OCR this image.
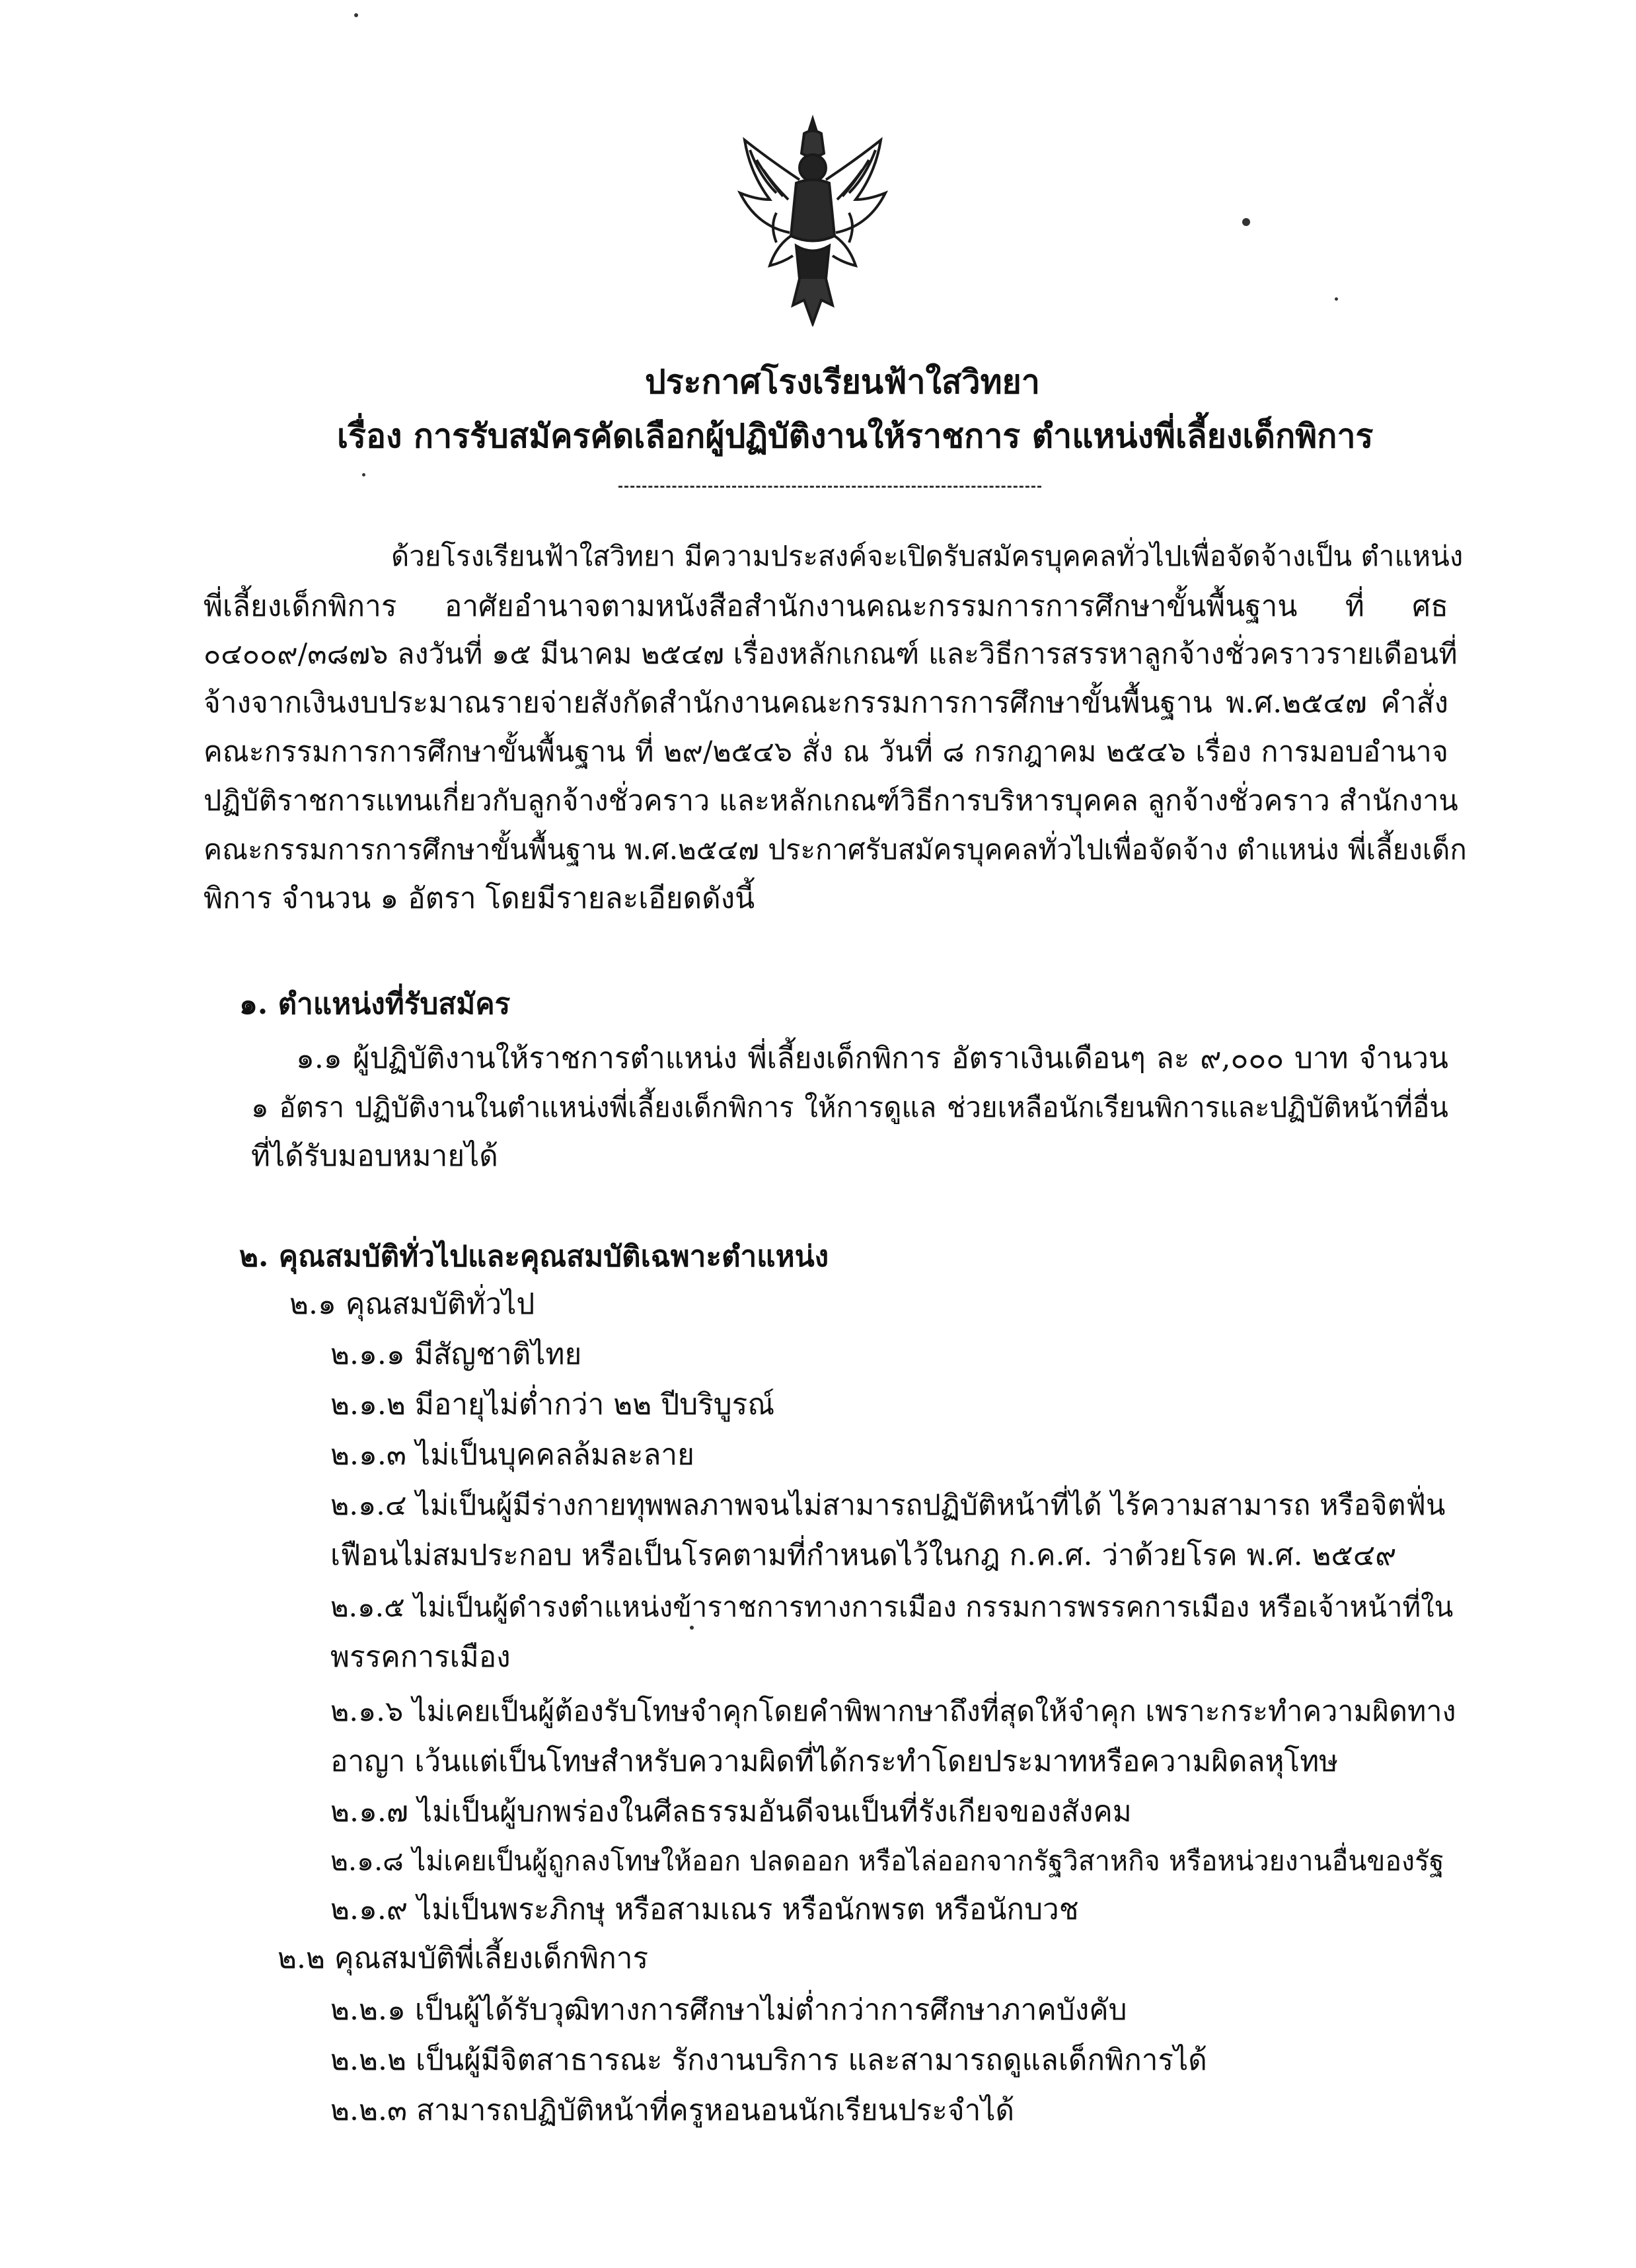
ประกาศโรงเรียนฟ้าใสวิทยา
เรื่อง การรับสมัครคัดเลือกผู้ปฏิบัติงานให้ราชการ ตำแหน่งพี่เลี้ยงเด็กพิการ
ด้วยโรงเรียนฟ้าใสวิทยา มีความประสงค์จะเปิดรับสมัครบุคคลทั่วไปเพื่อจัดจ้างเป็น ตำแหน่ง
พี่เลี้ยงเด็กพิการ อาศัยอำนาจตามหนังสือสำนักงานคณะกรรมการการศึกษาขั้นพื้นฐาน ที่ ศธ
๐๔๐๐๙/๓๘๗๖ ลงวันที่ ๑๕ มีนาคม ๒๕๔๗ เรื่องหลักเกณฑ์ และวิธีการสรรหาลูกจ้างชั่วคราวรายเดือนที่
จ้างจากเงินงบประมาณรายจ่ายสังกัดสำนักงานคณะกรรมการการศึกษาขั้นพื้นฐาน พ.ศ.๒๕๔๗ คำสั่ง
คณะกรรมการการศึกษาขั้นพื้นฐาน ที่ ๒๙/๒๕๔๖ สั่ง ณ วันที่ ๘ กรกฎาคม ๒๕๔๖ เรื่อง การมอบอำนาจ
ปฏิบัติราชการแทนเกี่ยวกับลูกจ้างชั่วคราว และหลักเกณฑ์วิธีการบริหารบุคคล ลูกจ้างชั่วคราว สำนักงาน
คณะกรรมการการศึกษาขั้นพื้นฐาน พ.ศ.๒๕๔๗ ประกาศรับสมัครบุคคลทั่วไปเพื่อจัดจ้าง ตำแหน่ง พี่เลี้ยงเด็ก
พิการ จำนวน ๑ อัตรา โดยมีรายละเอียดดังนี้
๑. ตำแหน่งที่รับสมัคร
๑.๑ ผู้ปฏิบัติงานให้ราชการตำแหน่ง พี่เลี้ยงเด็กพิการ อัตราเงินเดือนๆ ละ ๙,๐๐๐ บาท จำนวน
๑ อัตรา ปฏิบัติงานในตำแหน่งพี่เลี้ยงเด็กพิการ ให้การดูแล ช่วยเหลือนักเรียนพิการและปฏิบัติหน้าที่อื่น
ที่ได้รับมอบหมายได้
๒. คุณสมบัติทั่วไปและคุณสมบัติเฉพาะตำแหน่ง
๒.๑ คุณสมบัติทั่วไป
๒.๑.๑ มีสัญชาติไทย
๒.๑.๒ มีอายุไม่ต่ำกว่า ๒๒ ปีบริบูรณ์
๒.๑.๓ ไม่เป็นบุคคลล้มละลาย
๒.๑.๔ ไม่เป็นผู้มีร่างกายทุพพลภาพจนไม่สามารถปฏิบัติหน้าที่ได้ ไร้ความสามารถ หรือจิตฟั่น
เฟือนไม่สมประกอบ หรือเป็นโรคตามที่กำหนดไว้ในกฎ ก.ค.ศ. ว่าด้วยโรค พ.ศ. ๒๕๔๙
๒.๑.๕ ไม่เป็นผู้ดำรงตำแหน่งข้าราชการทางการเมือง กรรมการพรรคการเมือง หรือเจ้าหน้าที่ใน
พรรคการเมือง
๒.๑.๖ ไม่เคยเป็นผู้ต้องรับโทษจำคุกโดยคำพิพากษาถึงที่สุดให้จำคุก เพราะกระทำความผิดทาง
อาญา เว้นแต่เป็นโทษสำหรับความผิดที่ได้กระทำโดยประมาทหรือความผิดลหุโทษ
๒.๑.๗ ไม่เป็นผู้บกพร่องในศีลธรรมอันดีจนเป็นที่รังเกียจของสังคม
๒.๑.๘ ไม่เคยเป็นผู้ถูกลงโทษให้ออก ปลดออก หรือไล่ออกจากรัฐวิสาหกิจ หรือหน่วยงานอื่นของรัฐ
๒.๑.๙ ไม่เป็นพระภิกษุ หรือสามเณร หรือนักพรต หรือนักบวช
๒.๒ คุณสมบัติพี่เลี้ยงเด็กพิการ
๒.๒.๑ เป็นผู้ได้รับวุฒิทางการศึกษาไม่ต่ำกว่าการศึกษาภาคบังคับ
๒.๒.๒ เป็นผู้มีจิตสาธารณะ รักงานบริการ และสามารถดูแลเด็กพิการได้
๒.๒.๓ สามารถปฏิบัติหน้าที่ครูหอนอนนักเรียนประจำได้
